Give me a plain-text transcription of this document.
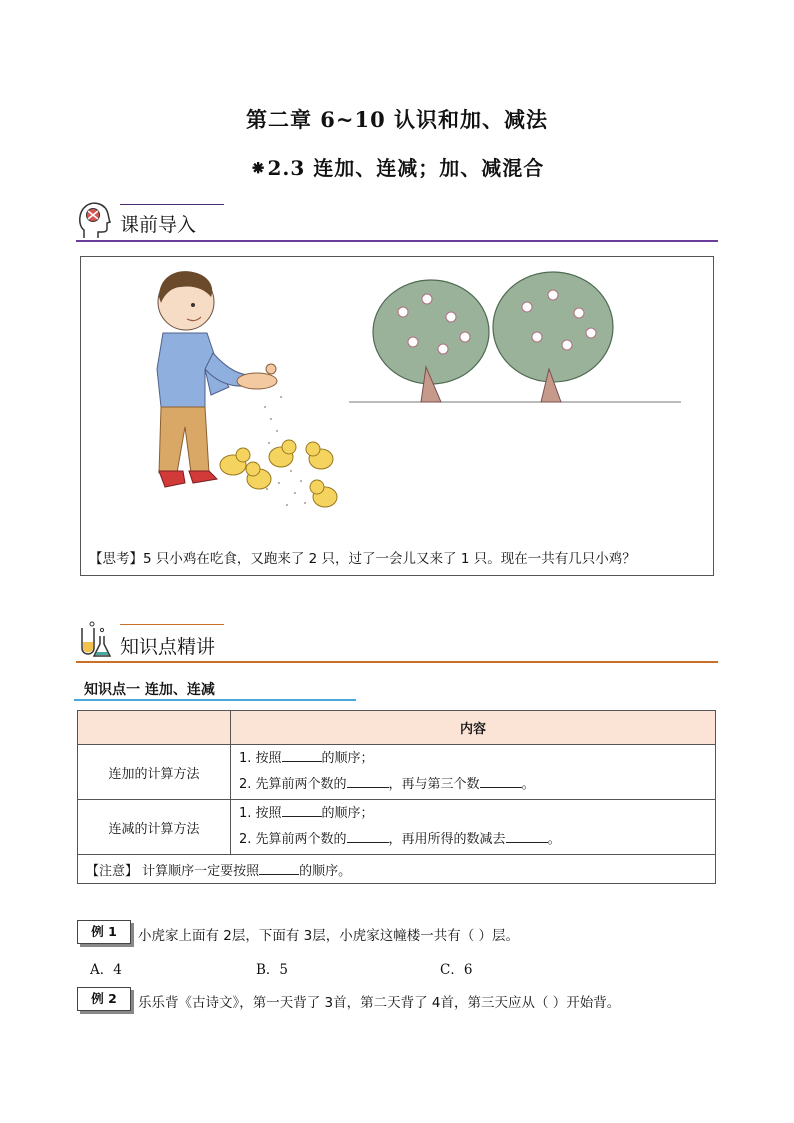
第二章 6~10 认识和加、减法
⁕2.3 连加、连减；加、减混合
课前导入
【思考】5 只小鸡在吃食，又跑来了 2 只，过了一会儿又来了 1 只。现在一共有几只小鸡？
知识点精讲
知识点一 连加、连减
	内容
连加的计算方法	1. 按照 的顺序；
2. 先算前两个数的 ，再与第三个数 。

连减的计算方法	1. 按照 的顺序；
2. 先算前两个数的 ，再用所得的数减去 。

【注意】 计算顺序一定要按照 的顺序。	
例 1	小虎家上面有 2层，下面有 3层，小虎家这幢楼一共有（ ）层。
A．4	B．5	C．6
例 2	乐乐背《古诗文》，第一天背了 3首，第二天背了 4首，第三天应从（ ）开始背。
